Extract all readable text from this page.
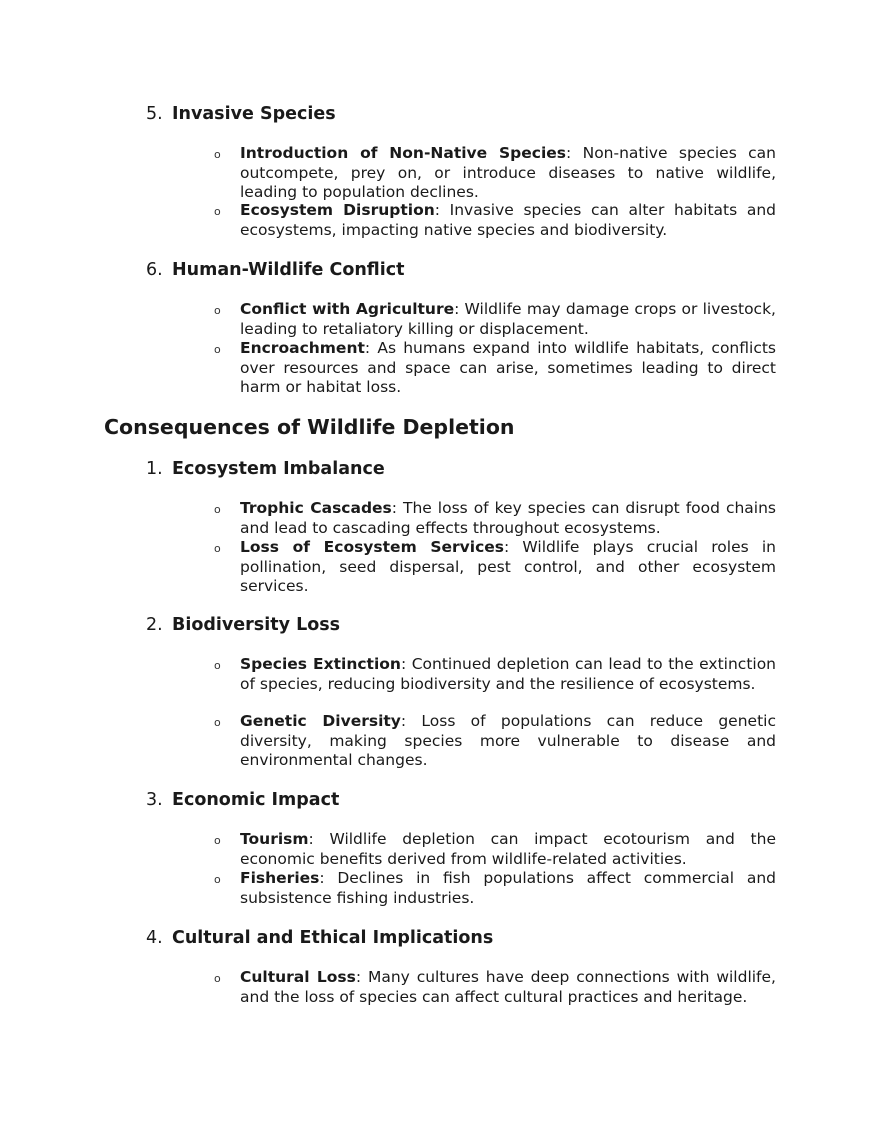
5. Invasive Species
o Introduction of Non-Native Species: Non-native species can outcompete, prey on, or introduce diseases to native wildlife, leading to population declines.
o Ecosystem Disruption: Invasive species can alter habitats and ecosystems, impacting native species and biodiversity.
6. Human-Wildlife Conflict
o Conflict with Agriculture: Wildlife may damage crops or livestock, leading to retaliatory killing or displacement.
o Encroachment: As humans expand into wildlife habitats, conflicts over resources and space can arise, sometimes leading to direct harm or habitat loss.
Consequences of Wildlife Depletion
1. Ecosystem Imbalance
o Trophic Cascades: The loss of key species can disrupt food chains and lead to cascading effects throughout ecosystems.
o Loss of Ecosystem Services: Wildlife plays crucial roles in pollination, seed dispersal, pest control, and other ecosystem services.
2. Biodiversity Loss
o Species Extinction: Continued depletion can lead to the extinction of species, reducing biodiversity and the resilience of ecosystems.
o Genetic Diversity: Loss of populations can reduce genetic diversity, making species more vulnerable to disease and environmental changes.
3. Economic Impact
o Tourism: Wildlife depletion can impact ecotourism and the economic benefits derived from wildlife-related activities.
o Fisheries: Declines in fish populations affect commercial and subsistence fishing industries.
4. Cultural and Ethical Implications
o Cultural Loss: Many cultures have deep connections with wildlife, and the loss of species can affect cultural practices and heritage.
